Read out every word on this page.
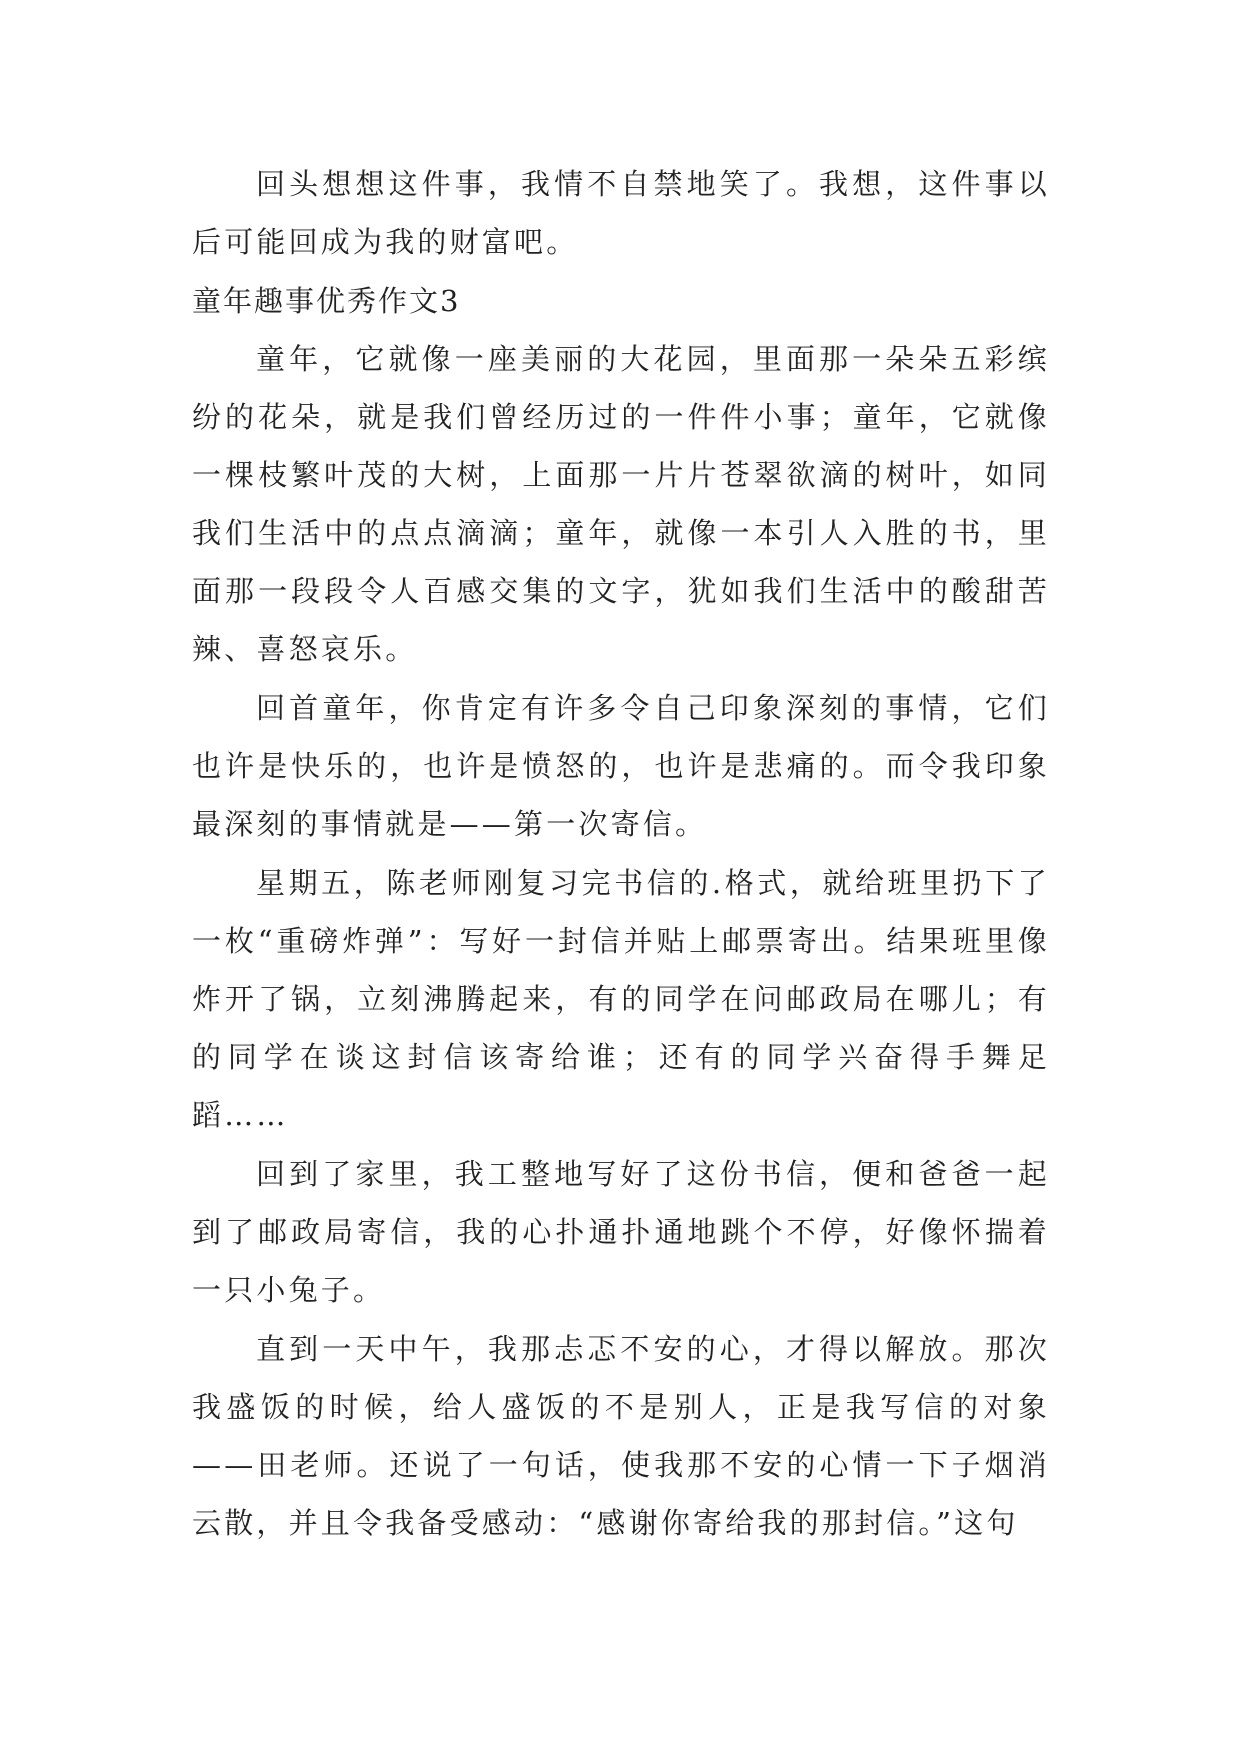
回头想想这件事，我情不自禁地笑了。我想，这件事以后可能回成为我的财富吧。

童年趣事优秀作文3

童年，它就像一座美丽的大花园，里面那一朵朵五彩缤纷的花朵，就是我们曾经历过的一件件小事；童年，它就像一棵枝繁叶茂的大树，上面那一片片苍翠欲滴的树叶，如同我们生活中的点点滴滴；童年，就像一本引人入胜的书，里面那一段段令人百感交集的文字，犹如我们生活中的酸甜苦辣、喜怒哀乐。

回首童年，你肯定有许多令自己印象深刻的事情，它们也许是快乐的，也许是愤怒的，也许是悲痛的。而令我印象最深刻的事情就是——第一次寄信。

星期五，陈老师刚复习完书信的.格式，就给班里扔下了一枚“重磅炸弹”：写好一封信并贴上邮票寄出。结果班里像炸开了锅，立刻沸腾起来，有的同学在问邮政局在哪儿；有的同学在谈这封信该寄给谁；还有的同学兴奋得手舞足蹈……

回到了家里，我工整地写好了这份书信，便和爸爸一起到了邮政局寄信，我的心扑通扑通地跳个不停，好像怀揣着一只小兔子。

直到一天中午，我那忐忑不安的心，才得以解放。那次我盛饭的时候，给人盛饭的不是别人，正是我写信的对象——田老师。还说了一句话，使我那不安的心情一下子烟消云散，并且令我备受感动：“感谢你寄给我的那封信。”这句
